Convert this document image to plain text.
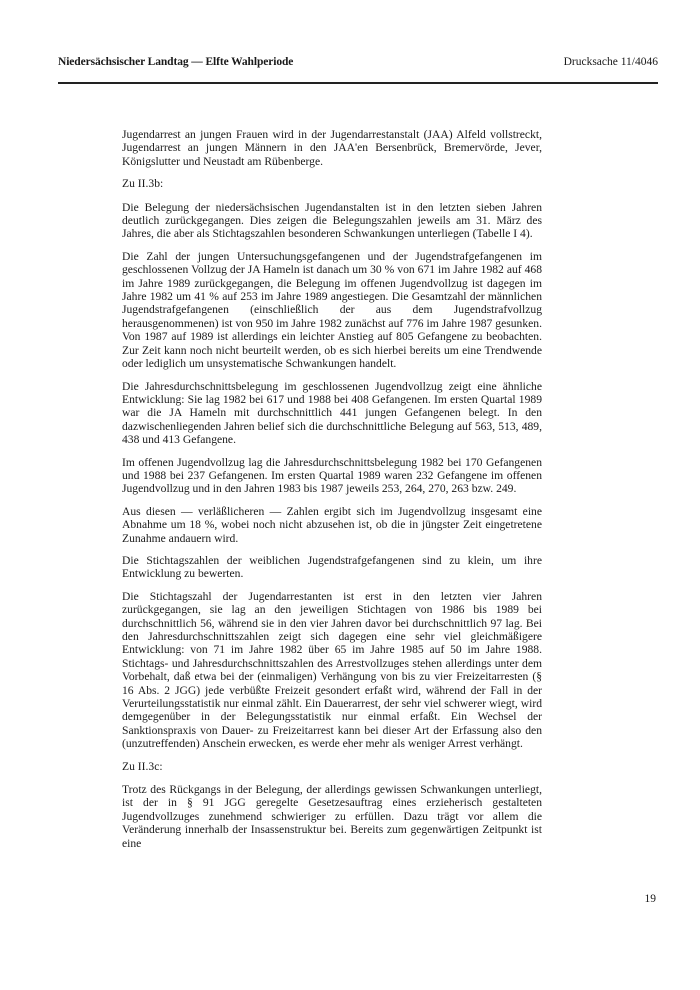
Niedersächsischer Landtag — Elfte Wahlperiode	Drucksache 11/4046

Jugendarrest an jungen Frauen wird in der Jugendarrestanstalt (JAA) Alfeld vollstreckt, Jugendarrest an jungen Männern in den JAA'en Bersenbrück, Bremervörde, Jever, Königslutter und Neustadt am Rübenberge.

Zu II.3b:

Die Belegung der niedersächsischen Jugendanstalten ist in den letzten sieben Jahren deutlich zurückgegangen. Dies zeigen die Belegungszahlen jeweils am 31. März des Jahres, die aber als Stichtagszahlen besonderen Schwankungen unterliegen (Tabelle I 4).

Die Zahl der jungen Untersuchungsgefangenen und der Jugendstrafgefangenen im geschlossenen Vollzug der JA Hameln ist danach um 30 % von 671 im Jahre 1982 auf 468 im Jahre 1989 zurückgegangen, die Belegung im offenen Jugendvollzug ist dagegen im Jahre 1982 um 41 % auf 253 im Jahre 1989 angestiegen. Die Gesamtzahl der männlichen Jugendstrafgefangenen (einschließlich der aus dem Jugendstrafvollzug herausgenommenen) ist von 950 im Jahre 1982 zunächst auf 776 im Jahre 1987 gesunken. Von 1987 auf 1989 ist allerdings ein leichter Anstieg auf 805 Gefangene zu beobachten. Zur Zeit kann noch nicht beurteilt werden, ob es sich hierbei bereits um eine Trendwende oder lediglich um unsystematische Schwankungen handelt.

Die Jahresdurchschnittsbelegung im geschlossenen Jugendvollzug zeigt eine ähnliche Entwicklung: Sie lag 1982 bei 617 und 1988 bei 408 Gefangenen. Im ersten Quartal 1989 war die JA Hameln mit durchschnittlich 441 jungen Gefangenen belegt. In den dazwischenliegenden Jahren belief sich die durchschnittliche Belegung auf 563, 513, 489, 438 und 413 Gefangene.

Im offenen Jugendvollzug lag die Jahresdurchschnittsbelegung 1982 bei 170 Gefangenen und 1988 bei 237 Gefangenen. Im ersten Quartal 1989 waren 232 Gefangene im offenen Jugendvollzug und in den Jahren 1983 bis 1987 jeweils 253, 264, 270, 263 bzw. 249.

Aus diesen — verläßlicheren — Zahlen ergibt sich im Jugendvollzug insgesamt eine Abnahme um 18 %, wobei noch nicht abzusehen ist, ob die in jüngster Zeit eingetretene Zunahme andauern wird.

Die Stichtagszahlen der weiblichen Jugendstrafgefangenen sind zu klein, um ihre Entwicklung zu bewerten.

Die Stichtagszahl der Jugendarrestanten ist erst in den letzten vier Jahren zurückgegangen, sie lag an den jeweiligen Stichtagen von 1986 bis 1989 bei durchschnittlich 56, während sie in den vier Jahren davor bei durchschnittlich 97 lag. Bei den Jahresdurchschnittszahlen zeigt sich dagegen eine sehr viel gleichmäßigere Entwicklung: von 71 im Jahre 1982 über 65 im Jahre 1985 auf 50 im Jahre 1988. Stichtags- und Jahresdurchschnittszahlen des Arrestvollzuges stehen allerdings unter dem Vorbehalt, daß etwa bei der (einmaligen) Verhängung von bis zu vier Freizeitarresten (§ 16 Abs. 2 JGG) jede verbüßte Freizeit gesondert erfaßt wird, während der Fall in der Verurteilungsstatistik nur einmal zählt. Ein Dauerarrest, der sehr viel schwerer wiegt, wird demgegenüber in der Belegungsstatistik nur einmal erfaßt. Ein Wechsel der Sanktionspraxis von Dauer- zu Freizeitarrest kann bei dieser Art der Erfassung also den (unzutreffenden) Anschein erwecken, es werde eher mehr als weniger Arrest verhängt.

Zu II.3c:

Trotz des Rückgangs in der Belegung, der allerdings gewissen Schwankungen unterliegt, ist der in § 91 JGG geregelte Gesetzesauftrag eines erzieherisch gestalteten Jugendvollzuges zunehmend schwieriger zu erfüllen. Dazu trägt vor allem die Veränderung innerhalb der Insassenstruktur bei. Bereits zum gegenwärtigen Zeitpunkt ist eine

19
